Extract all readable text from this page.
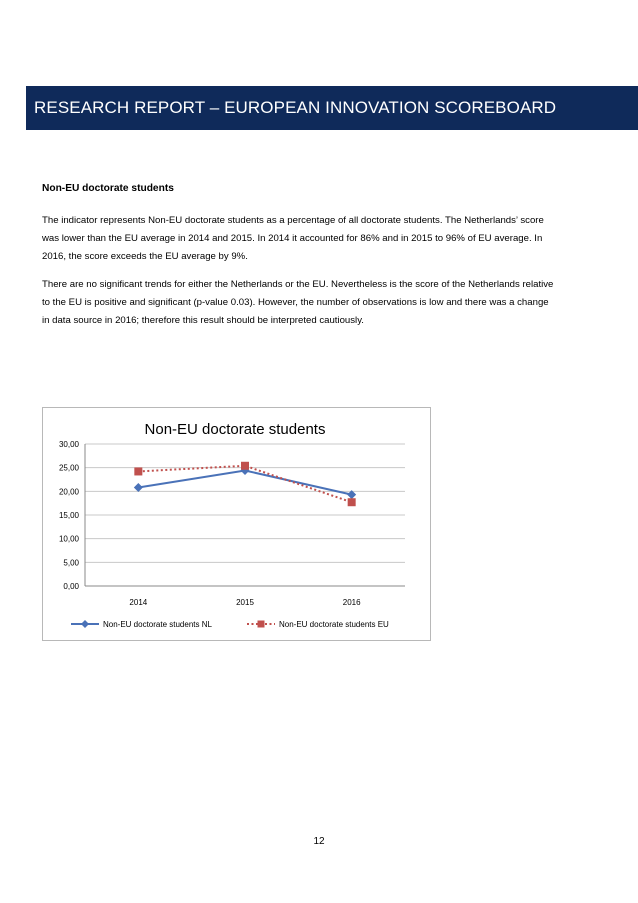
RESEARCH REPORT – EUROPEAN INNOVATION SCOREBOARD
Non-EU doctorate students

The indicator represents Non-EU doctorate students as a percentage of all doctorate students. The Netherlands’ score was lower than the EU average in 2014 and 2015. In 2014 it accounted for 86% and in 2015 to 96% of EU average. In 2016, the score exceeds the EU average by 9%.

There are no significant trends for either the Netherlands or the EU. Nevertheless is the score of the Netherlands relative to the EU is positive and significant (p-value 0.03). However, the number of observations is low and there was a change in data source in 2016; therefore this result should be interpreted cautiously.

Non-EU doctorate students
0,00
5,00
10,00
15,00
20,00
25,00
30,00
2014	2015	2016
Non-EU doctorate students NL	Non-EU doctorate students EU
12
